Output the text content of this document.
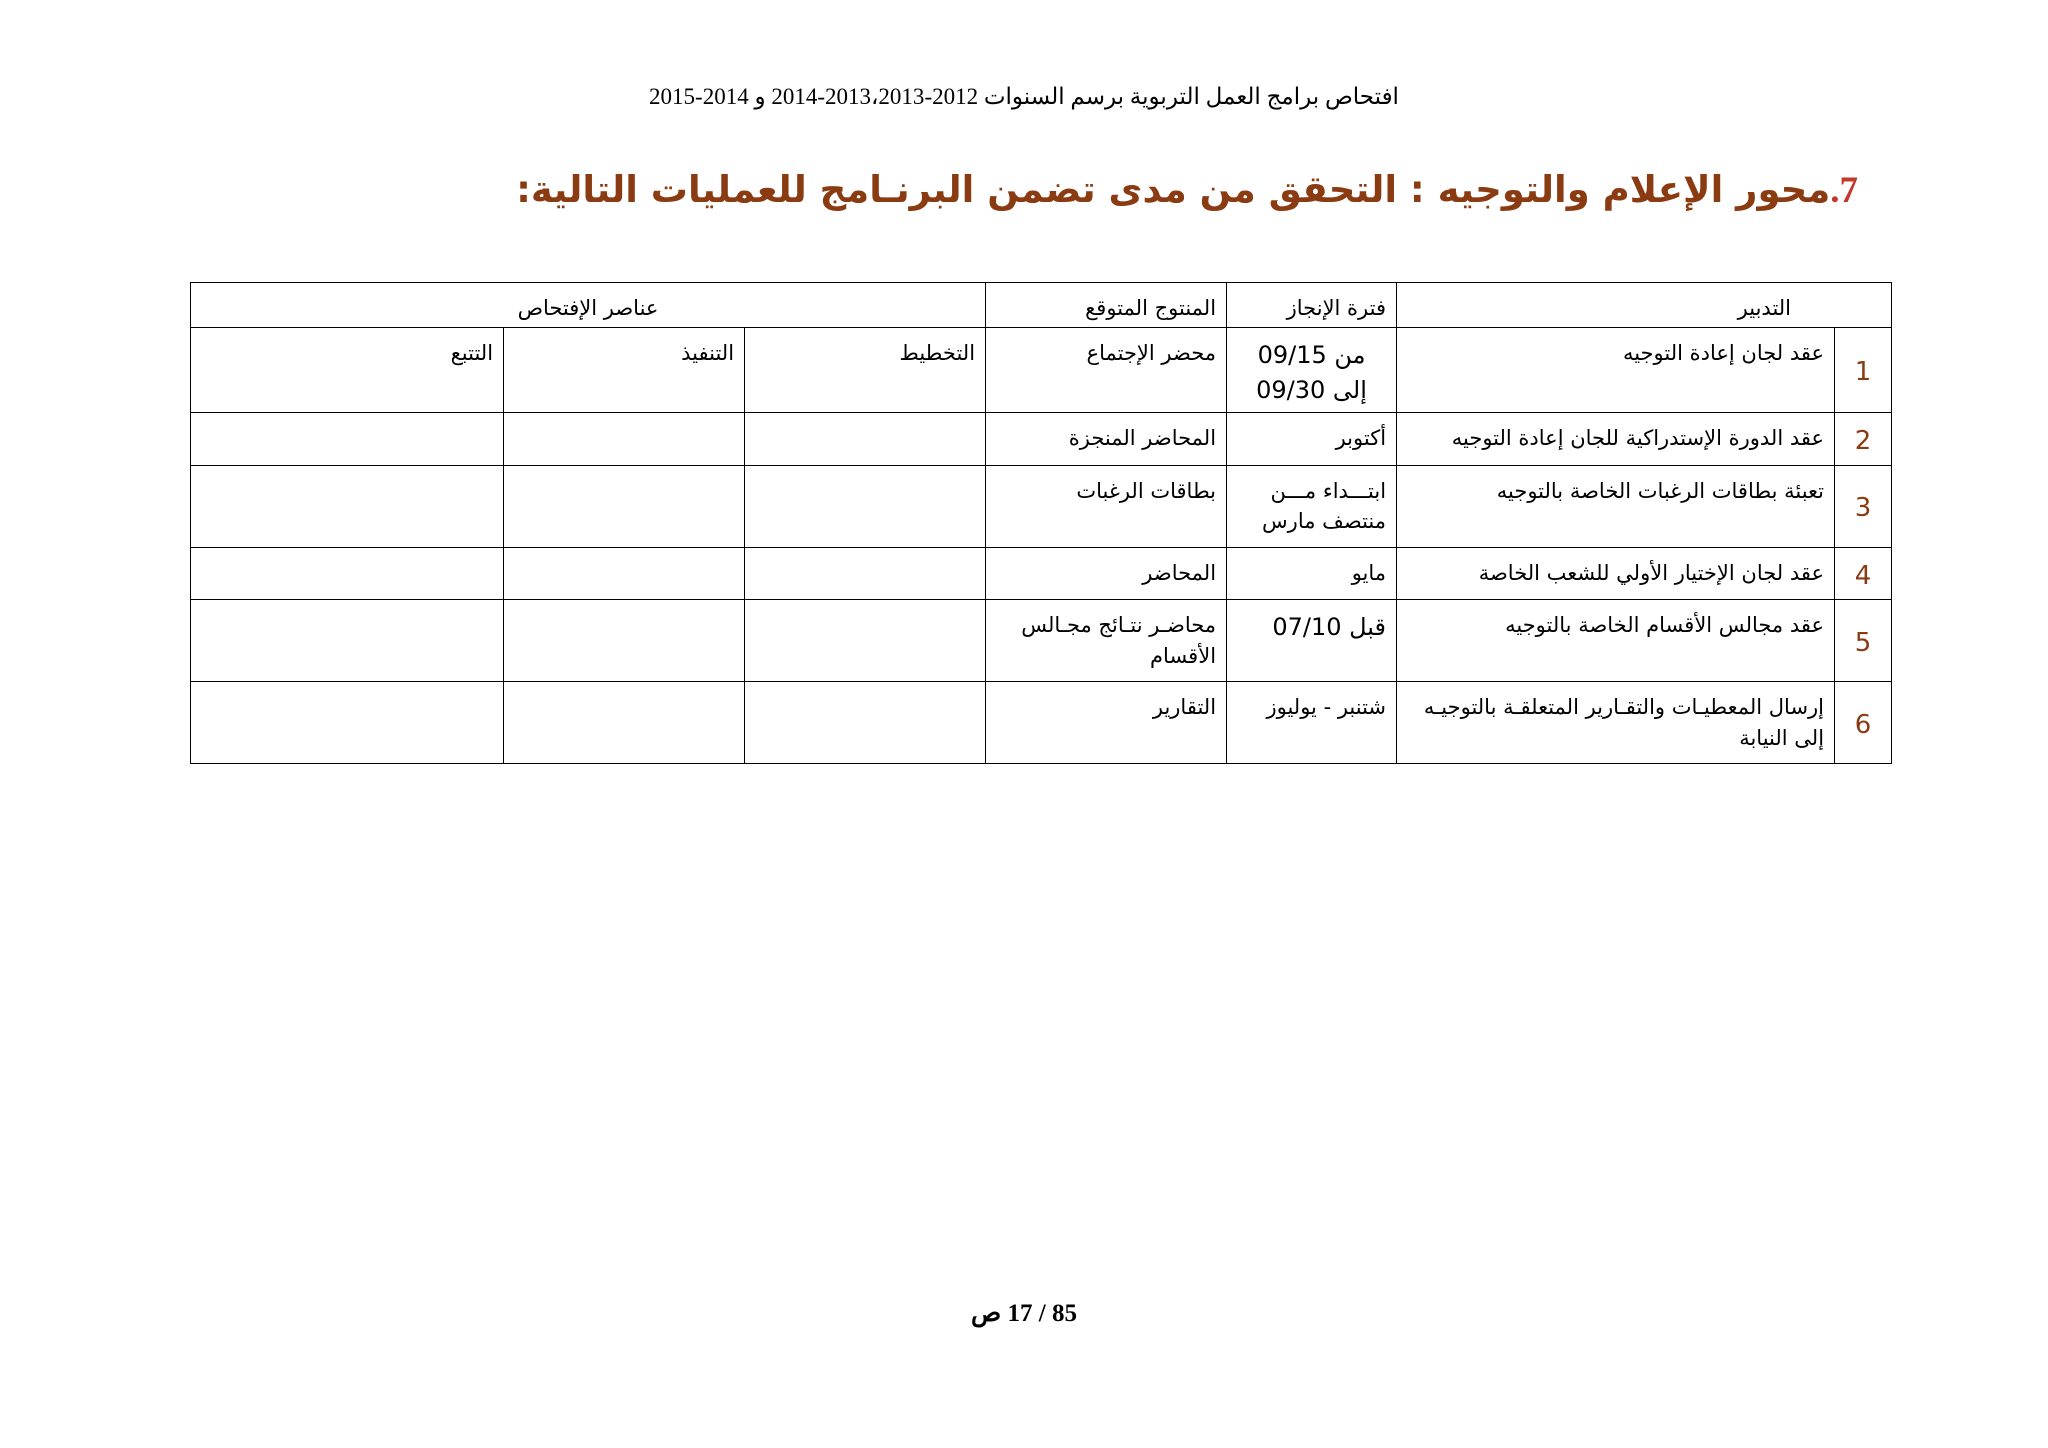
افتحاص برامج العمل التربوية برسم السنوات 2012-2013،2013-2014 و 2014-2015
7.محور الإعلام والتوجيه : التحقق من مدى تضمن البرنـامج للعمليات التالية:
التدبير		فترة الإنجاز	المنتوج المتوقع	عناصر الإفتحاص		
1	عقد لجان إعادة التوجيه	من 09/15 إلى 09/30	محضر الإجتماع	التخطيط	التنفيذ	التتبع
2	عقد الدورة الإستدراكية للجان إعادة التوجيه	أكتوبر	المحاضر المنجزة			
3	تعبئة بطاقات الرغبات الخاصة بالتوجيه	ابتـــداء مـــن منتصف مارس	بطاقات الرغبات			
4	عقد لجان الإختيار الأولي للشعب الخاصة	مايو	المحاضر			
5	عقد مجالس الأقسام الخاصة بالتوجيه	قبل 07/10	محاضـر نتـائج مجـالس الأقسام			
6	إرسال المعطيـات والتقـارير المتعلقـة بالتوجيـه إلى النيابة	شتنبر - يوليوز	التقارير			
85 / 17 ص
